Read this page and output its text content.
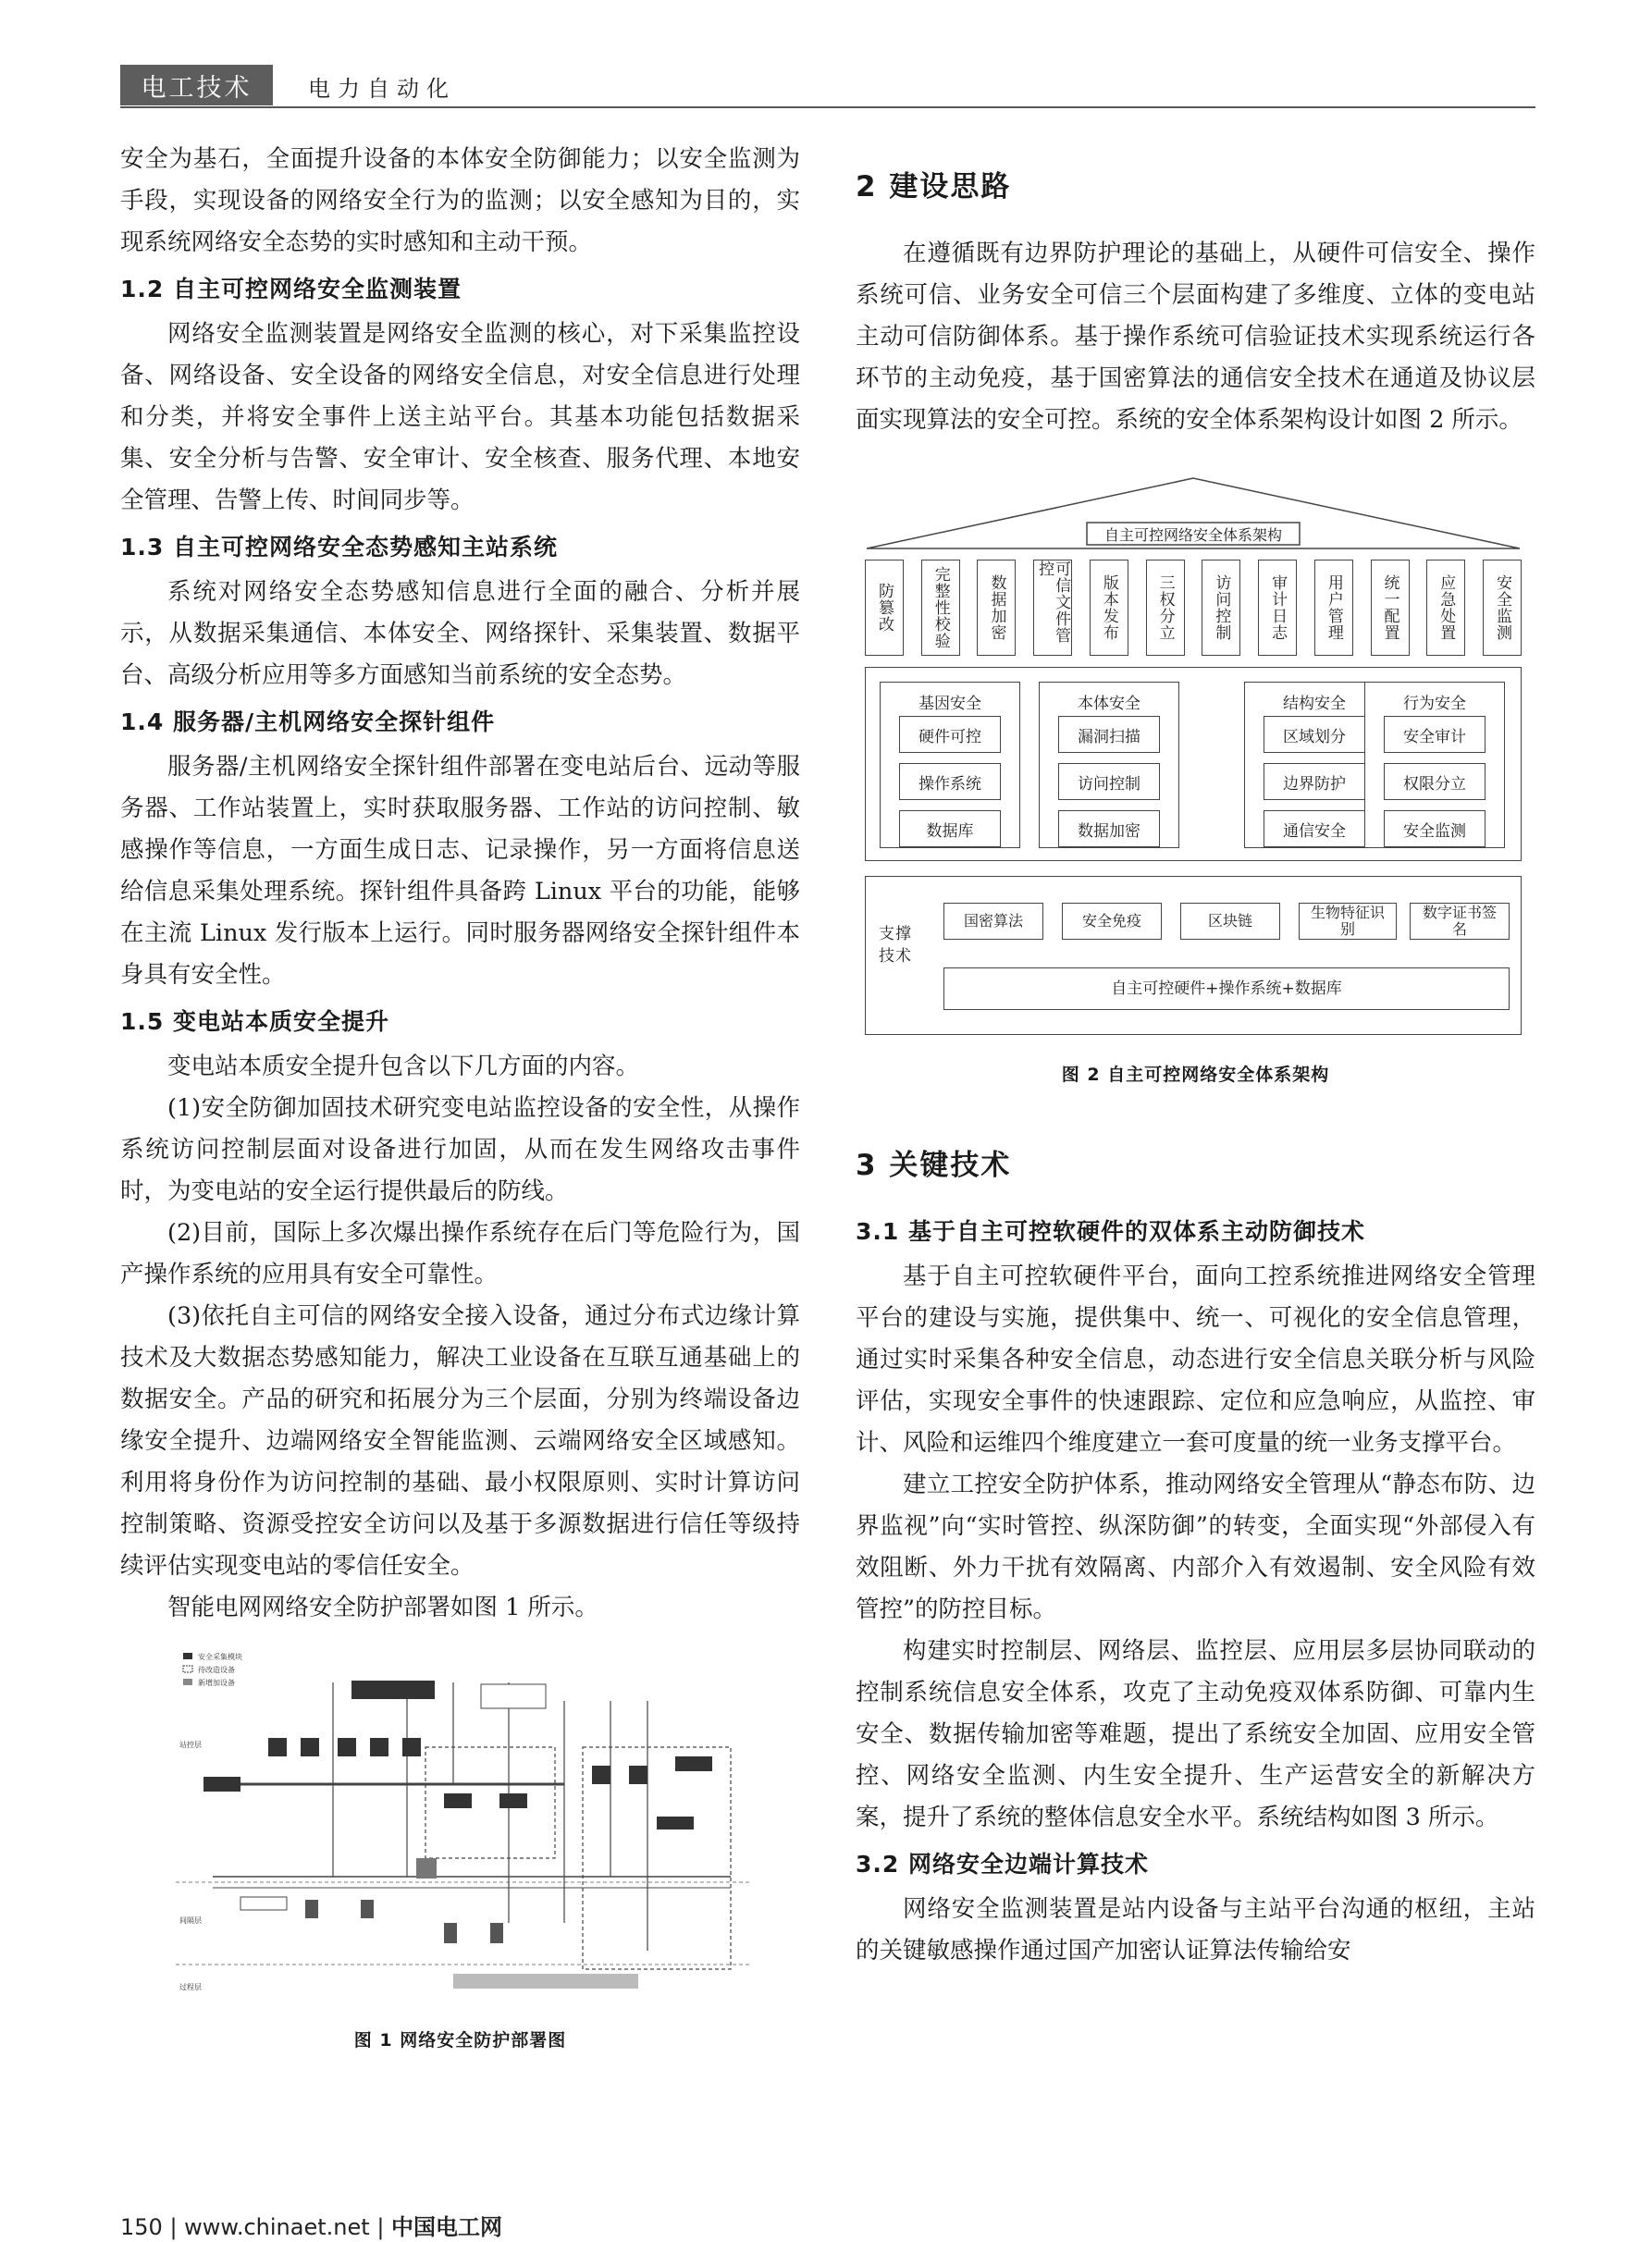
电工技术	电力自动化

安全为基石，全面提升设备的本体安全防御能力；以安全监测为手段，实现设备的网络安全行为的监测；以安全感知为目的，实现系统网络安全态势的实时感知和主动干预。

1.2 自主可控网络安全监测装置

网络安全监测装置是网络安全监测的核心，对下采集监控设备、网络设备、安全设备的网络安全信息，对安全信息进行处理和分类，并将安全事件上送主站平台。其基本功能包括数据采集、安全分析与告警、安全审计、安全核查、服务代理、本地安全管理、告警上传、时间同步等。

1.3 自主可控网络安全态势感知主站系统

系统对网络安全态势感知信息进行全面的融合、分析并展示，从数据采集通信、本体安全、网络探针、采集装置、数据平台、高级分析应用等多方面感知当前系统的安全态势。

1.4 服务器/主机网络安全探针组件

服务器/主机网络安全探针组件部署在变电站后台、远动等服务器、工作站装置上，实时获取服务器、工作站的访问控制、敏感操作等信息，一方面生成日志、记录操作，另一方面将信息送给信息采集处理系统。探针组件具备跨 Linux 平台的功能，能够在主流 Linux 发行版本上运行。同时服务器网络安全探针组件本身具有安全性。

1.5 变电站本质安全提升

变电站本质安全提升包含以下几方面的内容。

(1)安全防御加固技术研究变电站监控设备的安全性，从操作系统访问控制层面对设备进行加固，从而在发生网络攻击事件时，为变电站的安全运行提供最后的防线。

(2)目前，国际上多次爆出操作系统存在后门等危险行为，国产操作系统的应用具有安全可靠性。

(3)依托自主可信的网络安全接入设备，通过分布式边缘计算技术及大数据态势感知能力，解决工业设备在互联互通基础上的数据安全。产品的研究和拓展分为三个层面，分别为终端设备边缘安全提升、边端网络安全智能监测、云端网络安全区域感知。利用将身份作为访问控制的基础、最小权限原则、实时计算访问控制策略、资源受控安全访问以及基于多源数据进行信任等级持续评估实现变电站的零信任安全。

智能电网网络安全防护部署如图 1 所示。

安全采集模块
待改造设备
新增加设备
站控层
间隔层
过程层
图 1 网络安全防护部署图
2 建设思路

在遵循既有边界防护理论的基础上，从硬件可信安全、操作系统可信、业务安全可信三个层面构建了多维度、立体的变电站主动可信防御体系。基于操作系统可信验证技术实现系统运行各环节的主动免疫，基于国密算法的通信安全技术在通道及协议层面实现算法的安全可控。系统的安全体系架构设计如图 2 所示。

自主可控网络安全体系架构
防篡改	完整性校验	数据加密	可信文件管控
版本发布	三权分立	访问控制	审计日志	用户管理	统一配置	应急处置	安全监测
基因安全
硬件可控
操作系统
数据库
本体安全
漏洞扫描
访问控制
数据加密
结构安全
区域划分
边界防护
通信安全
行为安全
安全审计
权限分立
安全监测
支撑技术
国密算法	安全免疫	区块链	生物特征识别
数字证书签名
自主可控硬件+操作系统+数据库
图 2 自主可控网络安全体系架构
3 关键技术
3.1 基于自主可控软硬件的双体系主动防御技术

基于自主可控软硬件平台，面向工控系统推进网络安全管理平台的建设与实施，提供集中、统一、可视化的安全信息管理，通过实时采集各种安全信息，动态进行安全信息关联分析与风险评估，实现安全事件的快速跟踪、定位和应急响应，从监控、审计、风险和运维四个维度建立一套可度量的统一业务支撑平台。

建立工控安全防护体系，推动网络安全管理从“静态布防、边界监视”向“实时管控、纵深防御”的转变，全面实现“外部侵入有效阻断、外力干扰有效隔离、内部介入有效遏制、安全风险有效管控”的防控目标。

构建实时控制层、网络层、监控层、应用层多层协同联动的控制系统信息安全体系，攻克了主动免疫双体系防御、可靠内生安全、数据传输加密等难题，提出了系统安全加固、应用安全管控、网络安全监测、内生安全提升、生产运营安全的新解决方案，提升了系统的整体信息安全水平。系统结构如图 3 所示。

3.2 网络安全边端计算技术

网络安全监测装置是站内设备与主站平台沟通的枢纽，主站的关键敏感操作通过国产加密认证算法传输给安

150 | www.chinaet.net | 中国电工网
